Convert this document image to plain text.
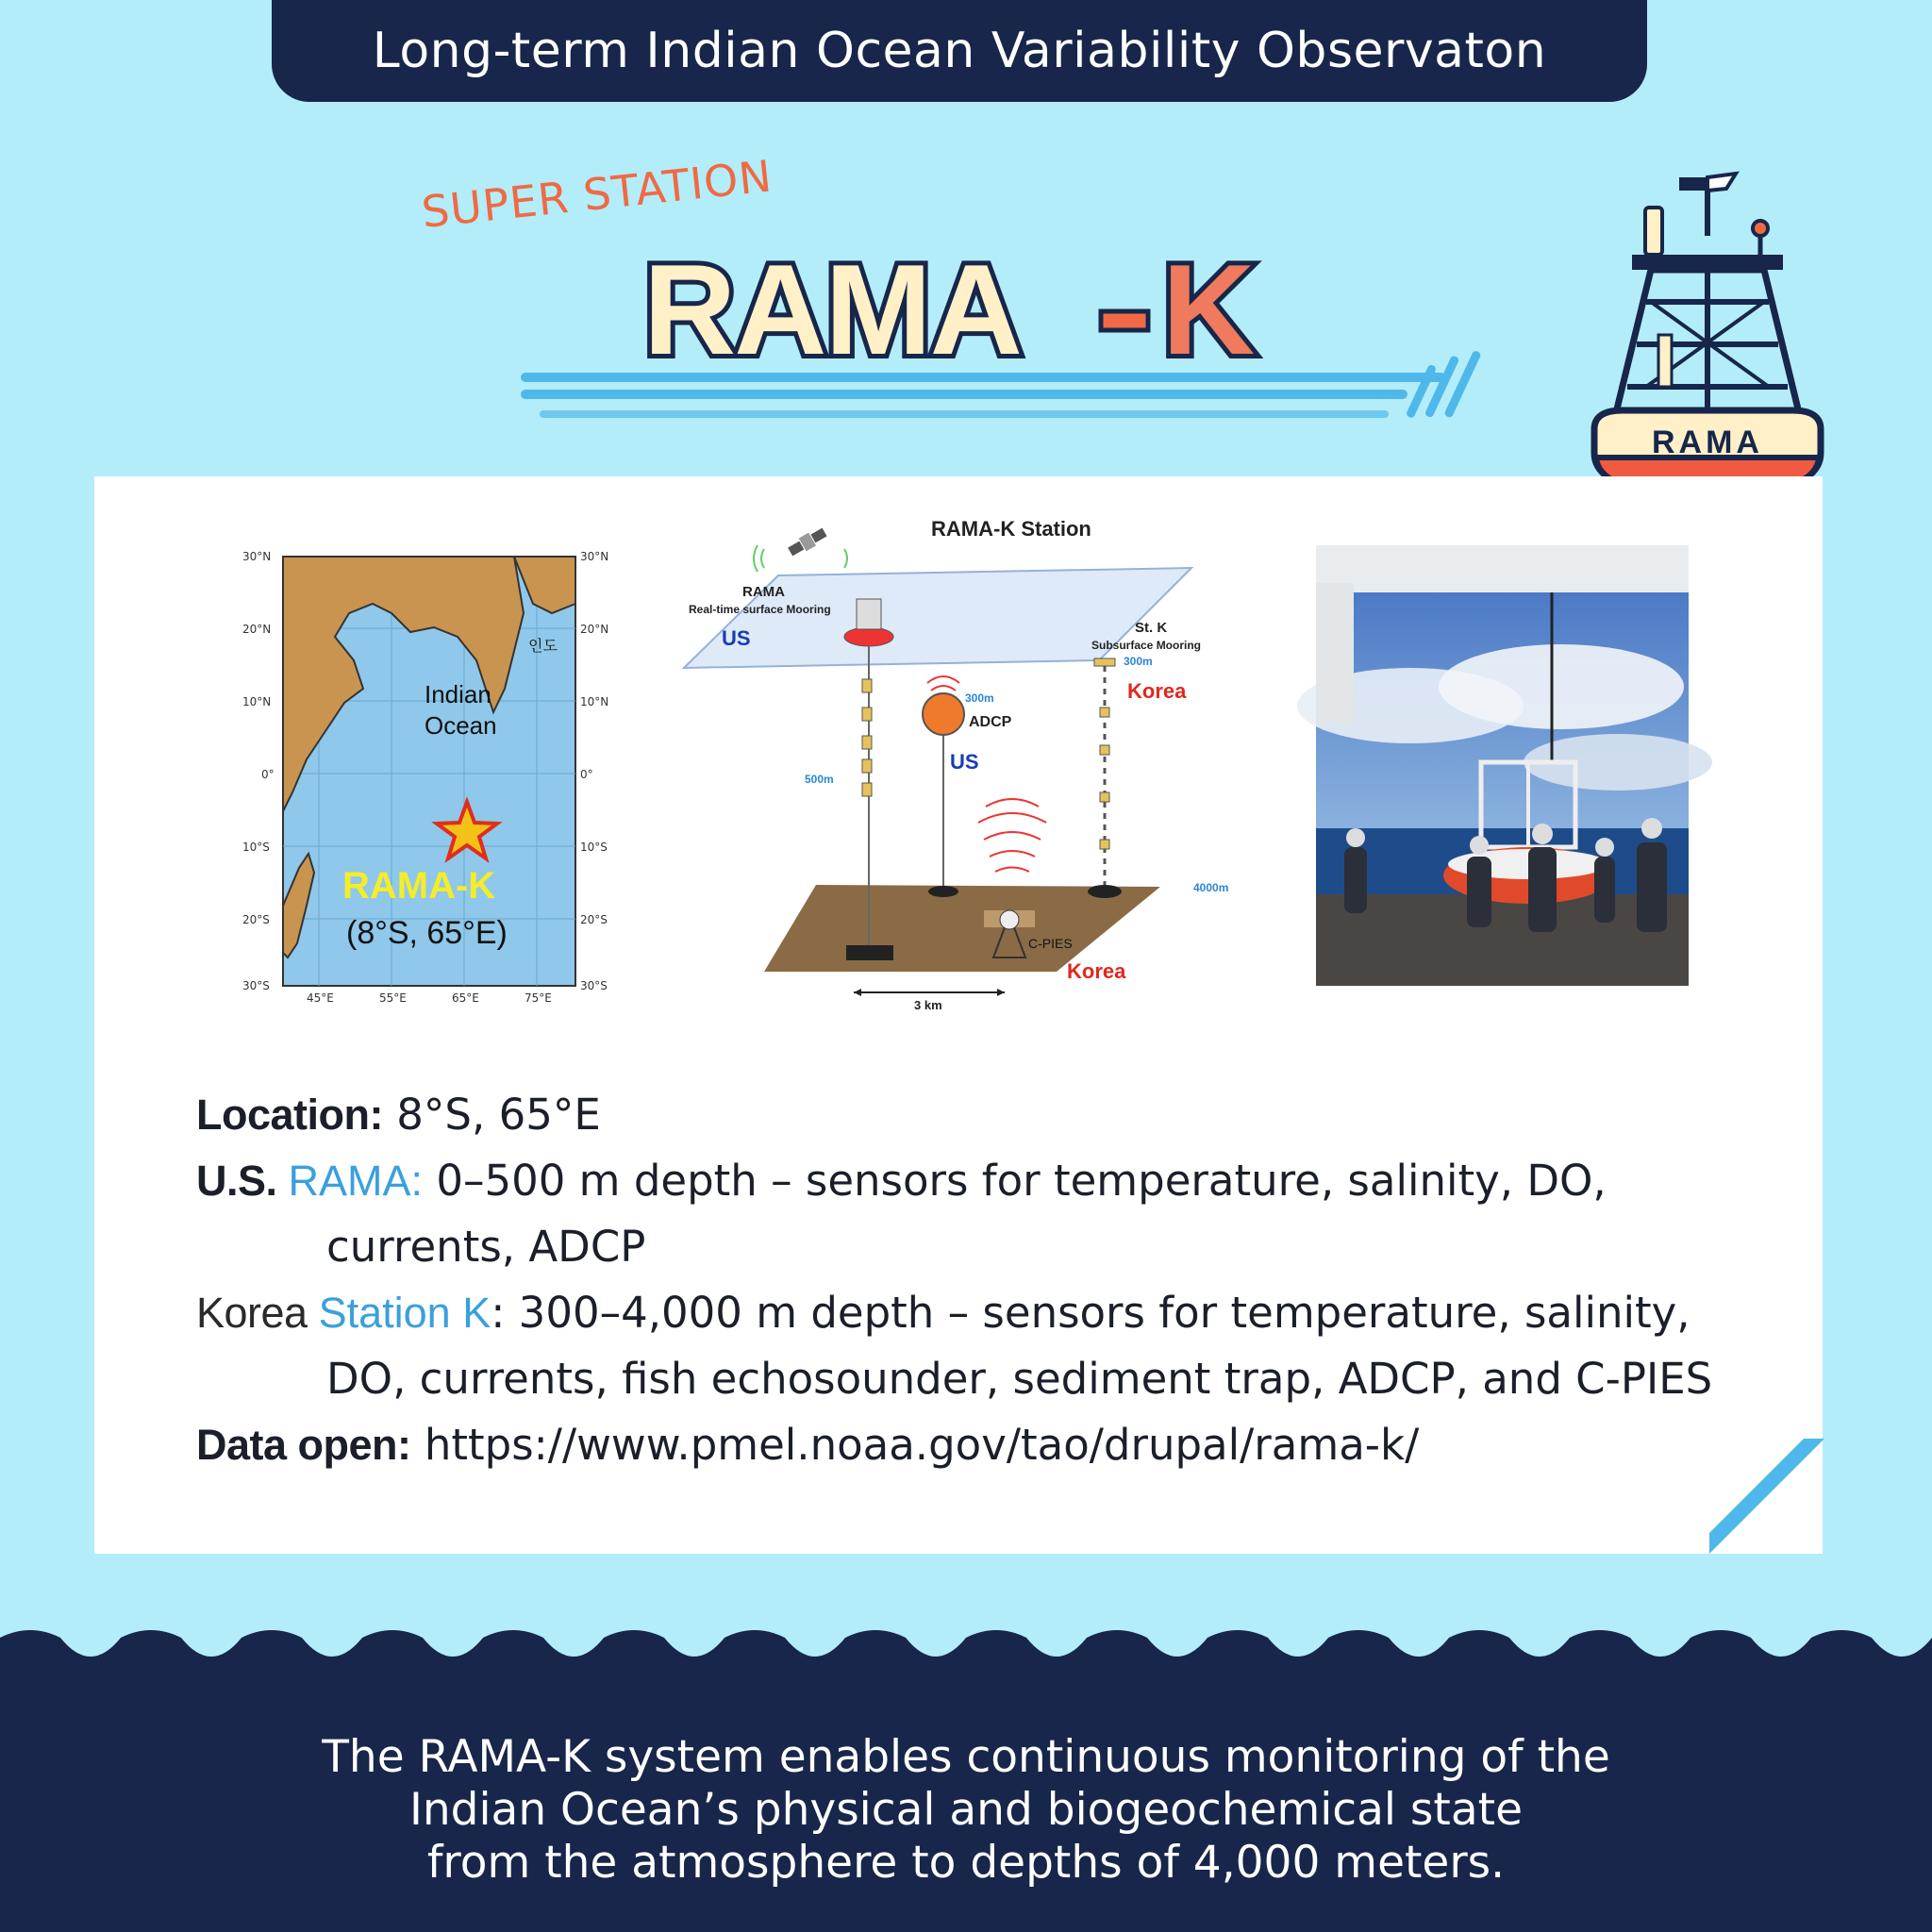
Long-term Indian Ocean Variability Observaton
SUPER STATION
RAMA K
RAMA
Indian
Ocean
인도
RAMA-K
(8°S, 65°E)
30°N
20°N
10°N
0°
10°S
20°S
30°S
30°N
20°N
10°N
0°
10°S
20°S
30°S
45°E	55°E	65°E	75°E
RAMA-K Station
RAMA
Real-time surface Mooring
US
500m
300m
ADCP
US
St. K
Subsurface Mooring
300m
Korea
4000m
C-PIES
Korea
3 km
Location: 8°S, 65°E
U.S. RAMA: 0–500 m depth – sensors for temperature, salinity, DO,
currents, ADCP
Korea Station K: 300–4,000 m depth – sensors for temperature, salinity,
DO, currents, fish echosounder, sediment trap, ADCP, and C-PIES
Data open: https://www.pmel.noaa.gov/tao/drupal/rama-k/
The RAMA-K system enables continuous monitoring of the
Indian Ocean’s physical and biogeochemical state
from the atmosphere to depths of 4,000 meters.
